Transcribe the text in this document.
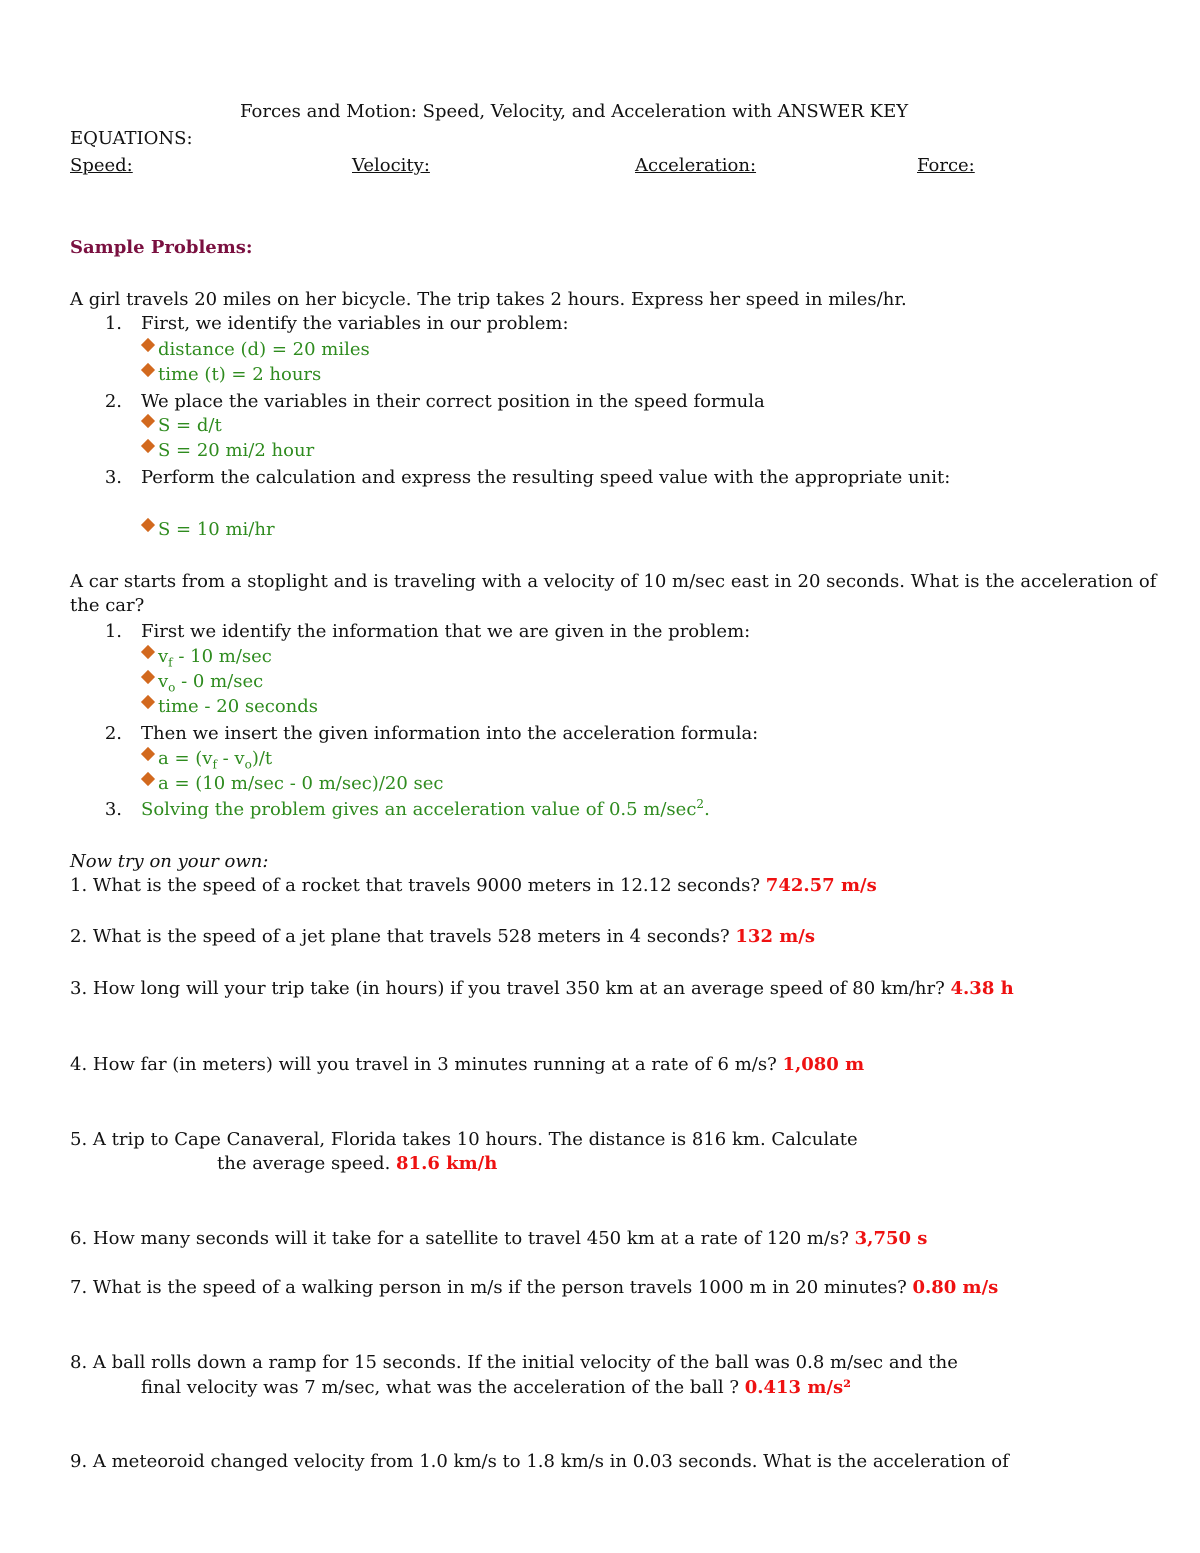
Forces and Motion: Speed, Velocity, and Acceleration with ANSWER KEY
EQUATIONS:
Speed:	Velocity:	Acceleration:	Force:
Sample Problems:
A girl travels 20 miles on her bicycle. The trip takes 2 hours. Express her speed in miles/hr.
1. First, we identify the variables in our problem:
distance (d) = 20 miles
time (t) = 2 hours
2. We place the variables in their correct position in the speed formula
S = d/t
S = 20 mi/2 hour
3. Perform the calculation and express the resulting speed value with the appropriate unit:
S = 10 mi/hr
A car starts from a stoplight and is traveling with a velocity of 10 m/sec east in 20 seconds. What is the acceleration of
the car?
1. First we identify the information that we are given in the problem:
$v_f - 10$ m/sec
$v_o - 0$ m/sec
time - 20 seconds
2. Then we insert the given information into the acceleration formula:
$a = (v_f - v_o)/t$
a = (10 m/sec - 0 m/sec)/20 sec
3. Solving the problem gives an acceleration value of 0.5 $m/\sec^2$.
Now try on your own:
1. What is the speed of a rocket that travels 9000 meters in 12.12 seconds? 742.57 m/s
2. What is the speed of a jet plane that travels 528 meters in 4 seconds? 132 m/s
3. How long will your trip take (in hours) if you travel 350 km at an average speed of 80 km/hr? 4.38 h
4. How far (in meters) will you travel in 3 minutes running at a rate of 6 m/s? 1,080 m
5. A trip to Cape Canaveral, Florida takes 10 hours. The distance is 816 km. Calculate
the average speed. 81.6 km/h
6. How many seconds will it take for a satellite to travel 450 km at a rate of 120 m/s? 3,750 s
7. What is the speed of a walking person in m/s if the person travels 1000 m in 20 minutes? 0.80 m/s
8. A ball rolls down a ramp for 15 seconds. If the initial velocity of the ball was 0.8 m/sec and the
final velocity was 7 m/sec, what was the acceleration of the ball ? 0.413 m/s²
9. A meteoroid changed velocity from 1.0 km/s to 1.8 km/s in 0.03 seconds. What is the acceleration of
